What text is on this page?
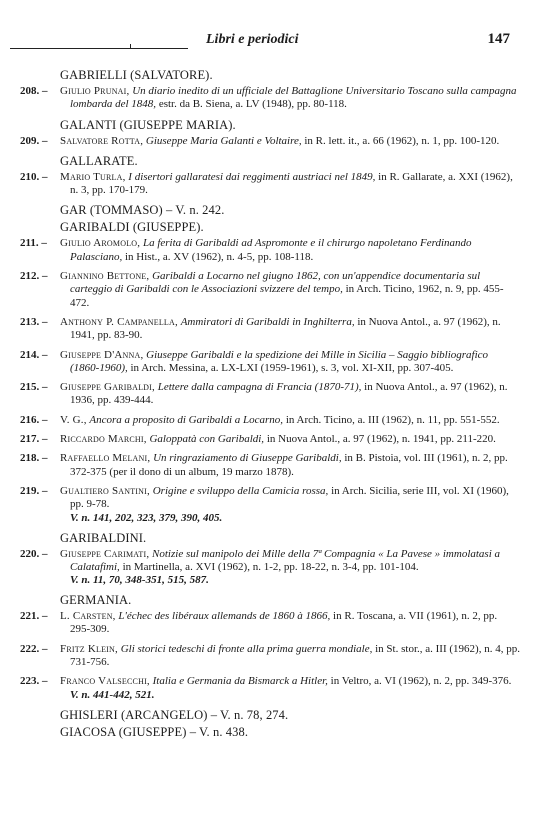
Libri e periodici	147
GABRIELLI (SALVATORE).
208. –	Giulio Prunai, Un diario inedito di un ufficiale del Battaglione Universitario Toscano sulla campagna lombarda del 1848, estr. da B. Siena, a. LV (1948), pp. 80-118.
GALANTI (GIUSEPPE MARIA).
209. –	Salvatore Rotta, Giuseppe Maria Galanti e Voltaire, in R. lett. it., a. 66 (1962), n. 1, pp. 100-120.
GALLARATE.
210. –	Mario Turla, I disertori gallaratesi dai reggimenti austriaci nel 1849, in R. Gallarate, a. XXI (1962), n. 3, pp. 170-179.
GAR (TOMMASO) – V. n. 242.
GARIBALDI (GIUSEPPE).
211. –	Giulio Aromolo, La ferita di Garibaldi ad Aspromonte e il chirurgo napoletano Ferdinando Palasciano, in Hist., a. XV (1962), n. 4-5, pp. 108-118.
212. –	Giannino Bettone, Garibaldi a Locarno nel giugno 1862, con un'appendice documentaria sul carteggio di Garibaldi con le Associazioni svizzere del tempo, in Arch. Ticino, 1962, n. 9, pp. 455-472.
213. –	Anthony P. Campanella, Ammiratori di Garibaldi in Inghilterra, in Nuova Antol., a. 97 (1962), n. 1941, pp. 83-90.
214. –	Giuseppe D'Anna, Giuseppe Garibaldi e la spedizione dei Mille in Sicilia – Saggio bibliografico (1860-1960), in Arch. Messina, a. LX-LXI (1959-1961), s. 3, vol. XI-XII, pp. 307-405.
215. –	Giuseppe Garibaldi, Lettere dalla campagna di Francia (1870-71), in Nuova Antol., a. 97 (1962), n. 1936, pp. 439-444.
216. –	V. G., Ancora a proposito di Garibaldi a Locarno, in Arch. Ticino, a. III (1962), n. 11, pp. 551-552.
217. –	Riccardo Marchi, Galoppatà con Garibaldi, in Nuova Antol., a. 97 (1962), n. 1941, pp. 211-220.
218. –	Raffaello Melani, Un ringraziamento di Giuseppe Garibaldi, in B. Pistoia, vol. III (1961), n. 2, pp. 372-375 (per il dono di un album, 19 marzo 1878).
219. –	Gualtiero Santini, Origine e sviluppo della Camicia rossa, in Arch. Sicilia, serie III, vol. XI (1960), pp. 9-78.
V. n. 141, 202, 323, 379, 390, 405.
GARIBALDINI.
220. –	Giuseppe Carimati, Notizie sul manipolo dei Mille della 7ª Compagnia « La Pavese » immolatasi a Calatafimi, in Martinella, a. XVI (1962), n. 1-2, pp. 18-22, n. 3-4, pp. 101-104.
V. n. 11, 70, 348-351, 515, 587.
GERMANIA.
221. –	L. Carsten, L'échec des libéraux allemands de 1860 à 1866, in R. Toscana, a. VII (1961), n. 2, pp. 295-309.
222. –	Fritz Klein, Gli storici tedeschi di fronte alla prima guerra mondiale, in St. stor., a. III (1962), n. 4, pp. 731-756.
223. –	Franco Valsecchi, Italia e Germania da Bismarck a Hitler, in Veltro, a. VI (1962), n. 2, pp. 349-376.
V. n. 441-442, 521.
GHISLERI (ARCANGELO) – V. n. 78, 274.
GIACOSA (GIUSEPPE) – V. n. 438.
